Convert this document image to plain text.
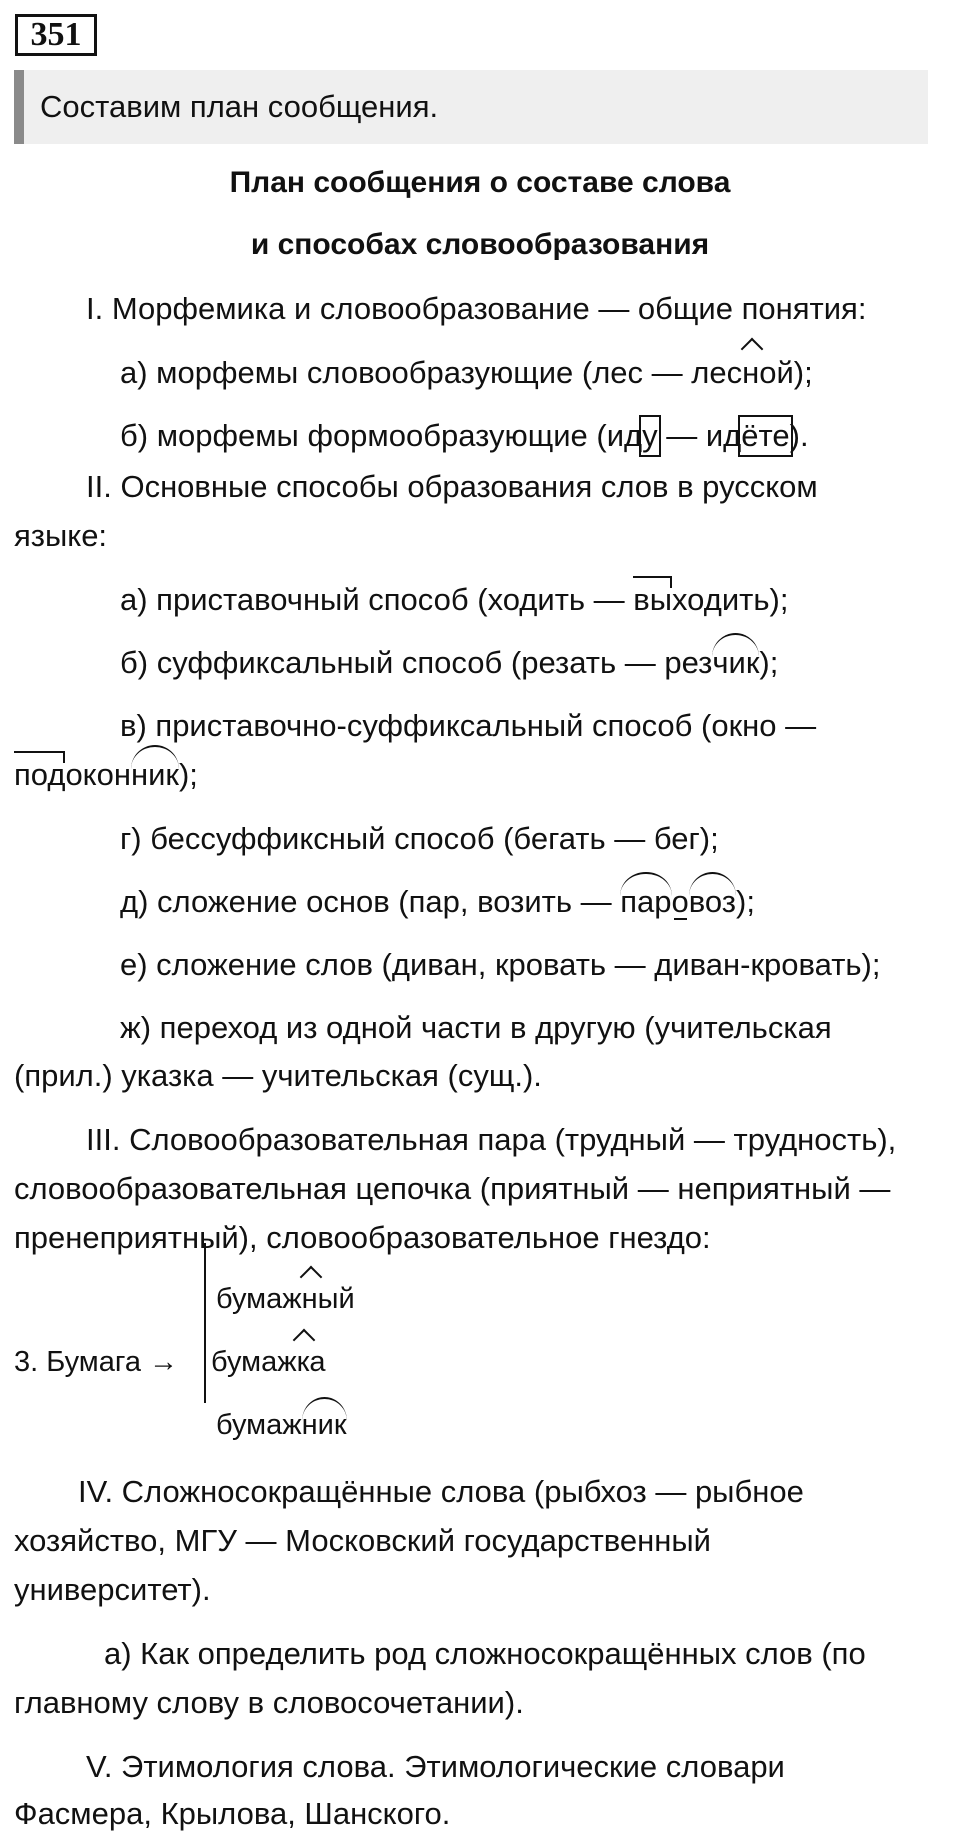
351
Составим план сообщения.
План сообщения о составе слова
и способах словообразования
I. Морфемика и словообразование — общие понятия:
а) морфемы словообразующие (лес — лесной);
б) морфемы формообразующие (иду — идёте).
II. Основные способы образования слов в русском
языке:
а) приставочный способ (ходить — выходить);
б) суффиксальный способ (резать — резчик);
в) приставочно-суффиксальный способ (окно —
подоконник);
г) бессуффиксный способ (бегать — бег);
д) сложение основ (пар, возить — паровоз);
е) сложение слов (диван, кровать — диван-кровать);
ж) переход из одной части в другую (учительская
(прил.) указка — учительская (сущ.).
III. Словообразовательная пара (трудный — трудность),
словообразовательная цепочка (приятный — неприятный —
пренеприятный), словообразовательное гнездо:
3. Бумага →
бумажный
бумажка
бумажник
IV. Сложносокращённые слова (рыбхоз — рыбное
хозяйство, МГУ — Московский государственный
университет).
а) Как определить род сложносокращённых слов (по
главному слову в словосочетании).
V. Этимология слова. Этимологические словари
Фасмера, Крылова, Шанского.
